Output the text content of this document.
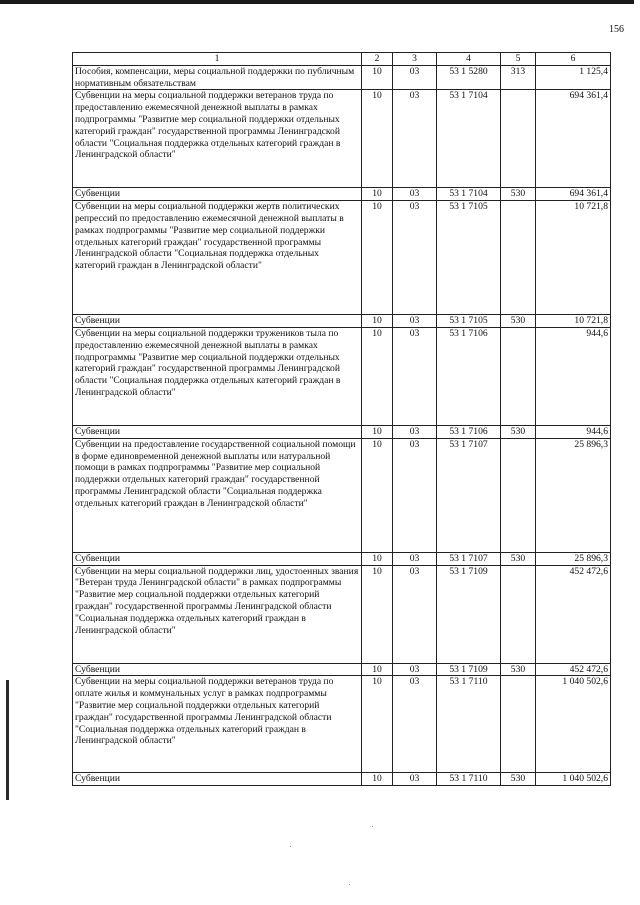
156
1	2	3	4	5	6
Пособия, компенсации, меры социальной поддержки по публичным нормативным обязательствам	10	03	53 1 5280	313	1 125,4
Субвенции на меры социальной поддержки ветеранов труда по предоставлению ежемесячной денежной выплаты в рамках подпрограммы "Развитие мер социальной поддержки отдельных категорий граждан" государственной программы Ленинградской области "Социальная поддержка отдельных категорий граждан в Ленинградской области"	10	03	53 1 7104		694 361,4
Субвенции	10	03	53 1 7104	530	694 361,4
Субвенции на меры социальной поддержки жертв политических репрессий по предоставлению ежемесячной денежной выплаты в рамках подпрограммы "Развитие мер социальной поддержки отдельных категорий граждан" государственной программы Ленинградской области "Социальная поддержка отдельных категорий граждан в Ленинградской области"	10	03	53 1 7105		10 721,8
Субвенции	10	03	53 1 7105	530	10 721,8
Субвенции на меры социальной поддержки тружеников тыла по предоставлению ежемесячной денежной выплаты в рамках подпрограммы "Развитие мер социальной поддержки отдельных категорий граждан" государственной программы Ленинградской области "Социальная поддержка отдельных категорий граждан в Ленинградской области"	10	03	53 1 7106		944,6
Субвенции	10	03	53 1 7106	530	944,6
Субвенции на предоставление государственной социальной помощи в форме единовременной денежной выплаты или натуральной помощи в рамках подпрограммы "Развитие мер социальной поддержки отдельных категорий граждан" государственной программы Ленинградской области "Социальная поддержка отдельных категорий граждан в Ленинградской области"	10	03	53 1 7107		25 896,3
Субвенции	10	03	53 1 7107	530	25 896,3
Субвенции на меры социальной поддержки лиц, удостоенных звания "Ветеран труда Ленинградской области" в рамках подпрограммы "Развитие мер социальной поддержки отдельных категорий граждан" государственной программы Ленинградской области "Социальная поддержка отдельных категорий граждан в Ленинградской области"	10	03	53 1 7109		452 472,6
Субвенции	10	03	53 1 7109	530	452 472,6
Субвенции на меры социальной поддержки ветеранов труда по оплате жилья и коммунальных услуг в рамках подпрограммы "Развитие мер социальной поддержки отдельных категорий граждан" государственной программы Ленинградской области "Социальная поддержка отдельных категорий граждан в Ленинградской области"	10	03	53 1 7110		1 040 502,6
Субвенции	10	03	53 1 7110	530	1 040 502,6
